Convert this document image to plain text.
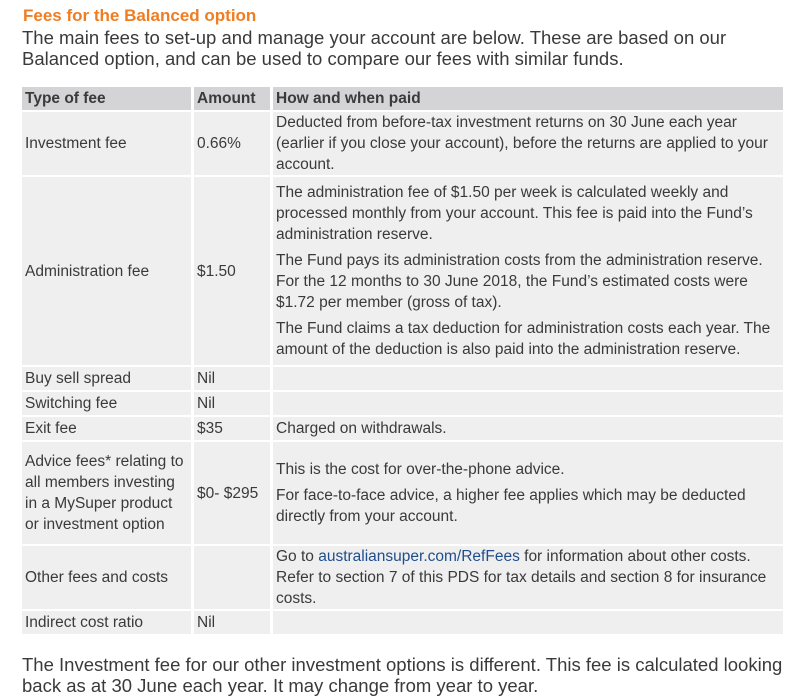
Fees for the Balanced option
The main fees to set-up and manage your account are below. These are based on our Balanced option, and can be used to compare our fees with similar funds.
Type of fee	Amount	How and when paid
Investment fee	0.66%	Deducted from before-tax investment returns on 30 June each year (earlier if you close your account), before the returns are applied to your account.

Administration fee	$1.50	The administration fee of $1.50 per week is calculated weekly and processed monthly from your account. This fee is paid into the Fund’s administration reserve.

The Fund pays its administration costs from the administration reserve. For the 12 months to 30 June 2018, the Fund’s estimated costs were $1.72 per member (gross of tax).

The Fund claims a tax deduction for administration costs each year. The amount of the deduction is also paid into the administration reserve.

Buy sell spread	Nil	
Switching fee	Nil	
Exit fee	$35	Charged on withdrawals.

Advice fees* relating to all members investing in a MySuper product or investment option	$0- $295	This is the cost for over-the-phone advice.

For face-to-face advice, a higher fee applies which may be deducted directly from your account.

Other fees and costs		Go to australiansuper.com/RefFees for information about other costs. Refer to section 7 of this PDS for tax details and section 8 for insurance costs.

Indirect cost ratio	Nil	
The Investment fee for our other investment options is different. This fee is calculated looking back as at 30 June each year. It may change from year to year.
